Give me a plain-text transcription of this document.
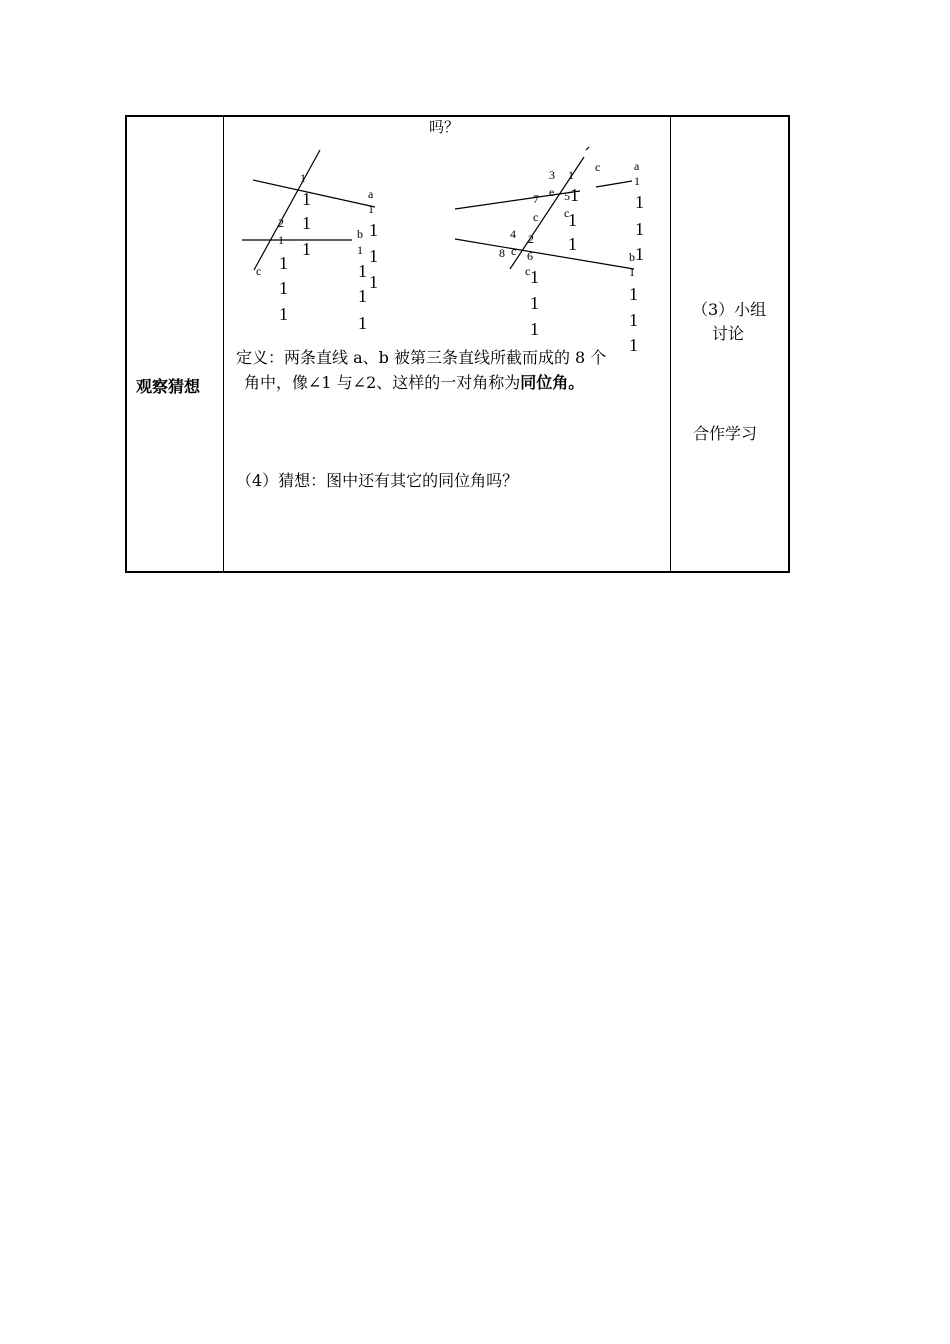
观察猜想
吗？
定义：两条直线 a、b 被第三条直线所截而成的 8 个
角中，像∠1 与∠2、这样的一对角称为同位角。
（4）猜想：图中还有其它的同位角吗？
（3）小组
讨论
合作学习
1
1
1
1
a
1
1
1
1
2
1	b
1
1
1
1
1
1
1
c
3 1
c	a
1
1
1
1
e
7 5 1
c c
1
1
4 2
8 c 6
c 1
1
1
b
1
1
1
1
